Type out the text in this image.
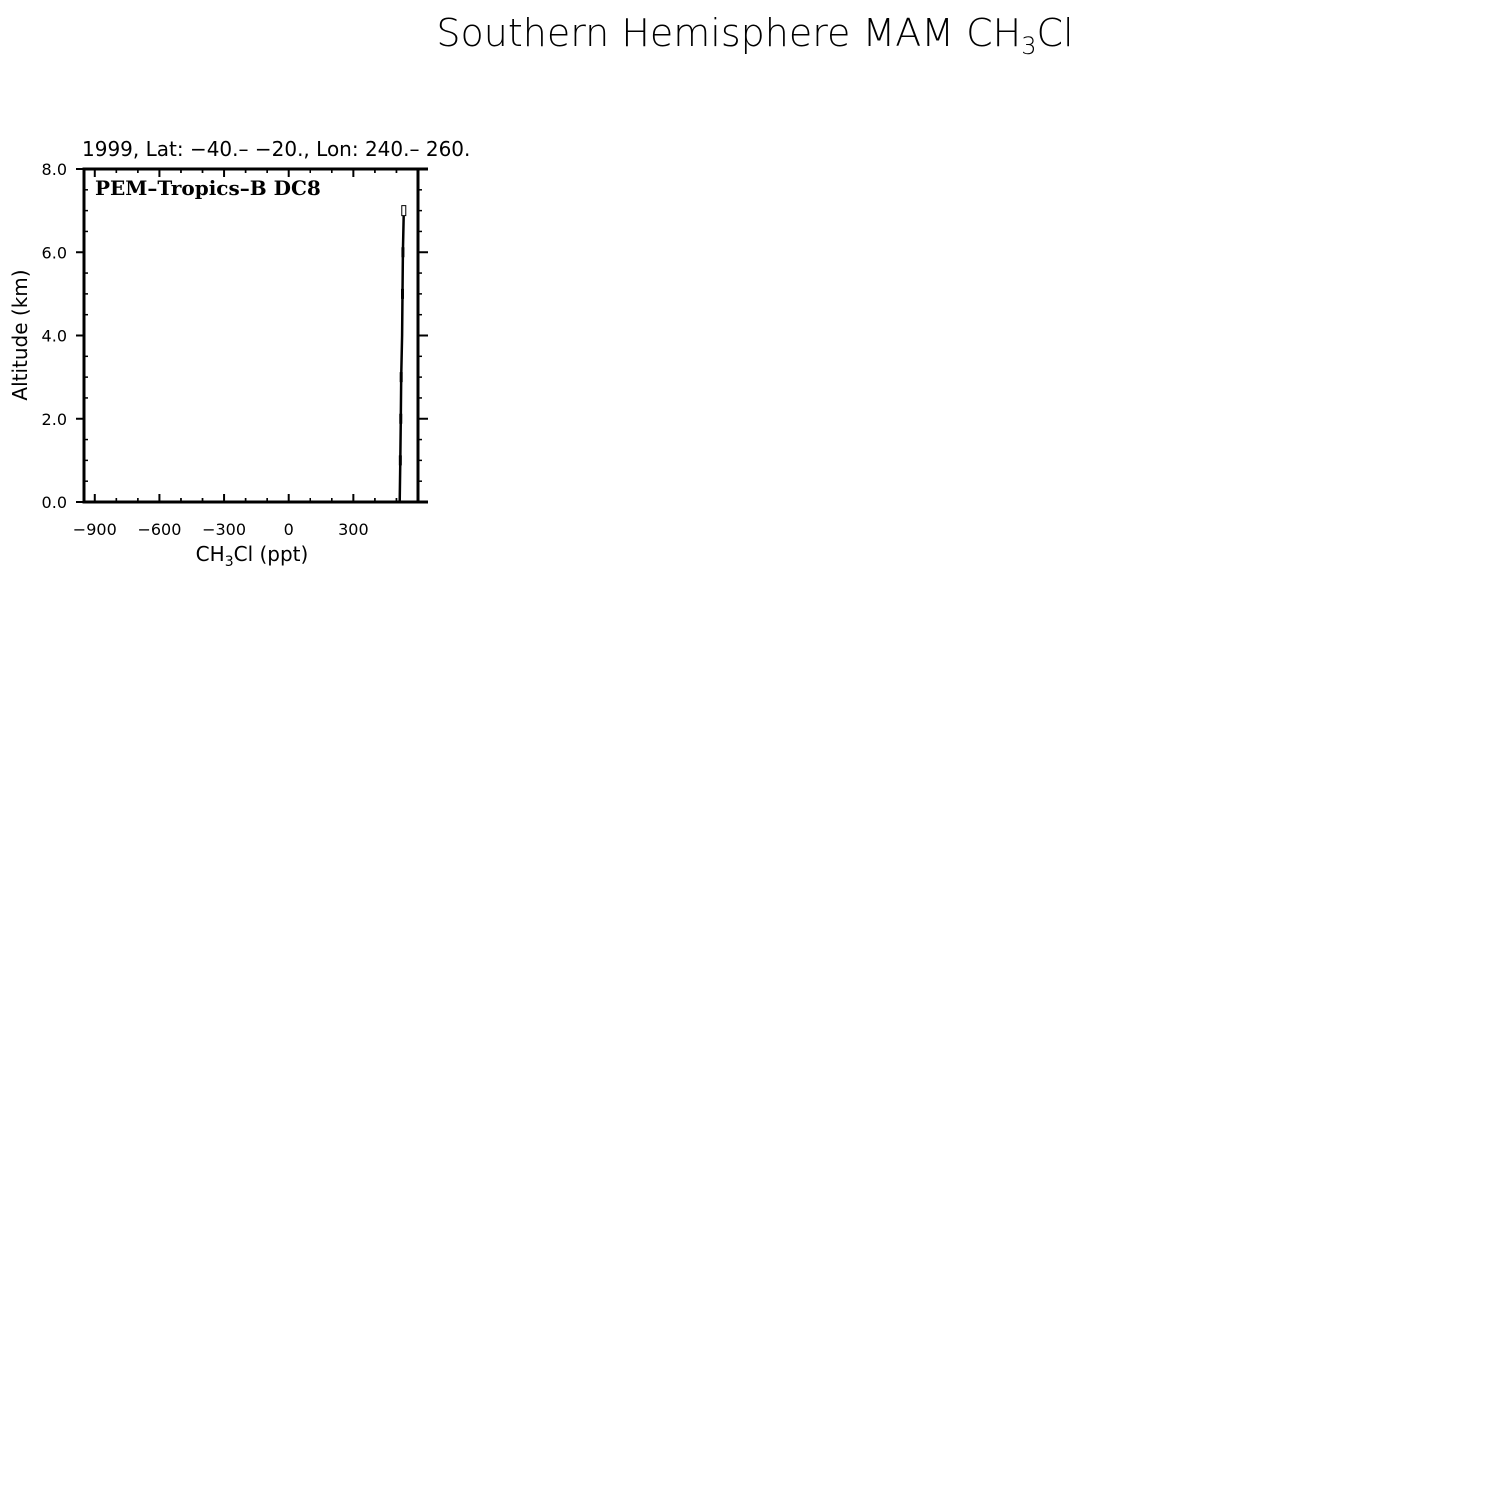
Southern Hemisphere MAM $CH_3Cl$
1999, Lat: −40.– −20., Lon: 240.– 260.
−900 −600 −300 0	300
0.0
2.0
4.0
6.0
8.0
PEM–Tropics–B DC8
$CH_3Cl$ (ppt)
Altitude (km)
